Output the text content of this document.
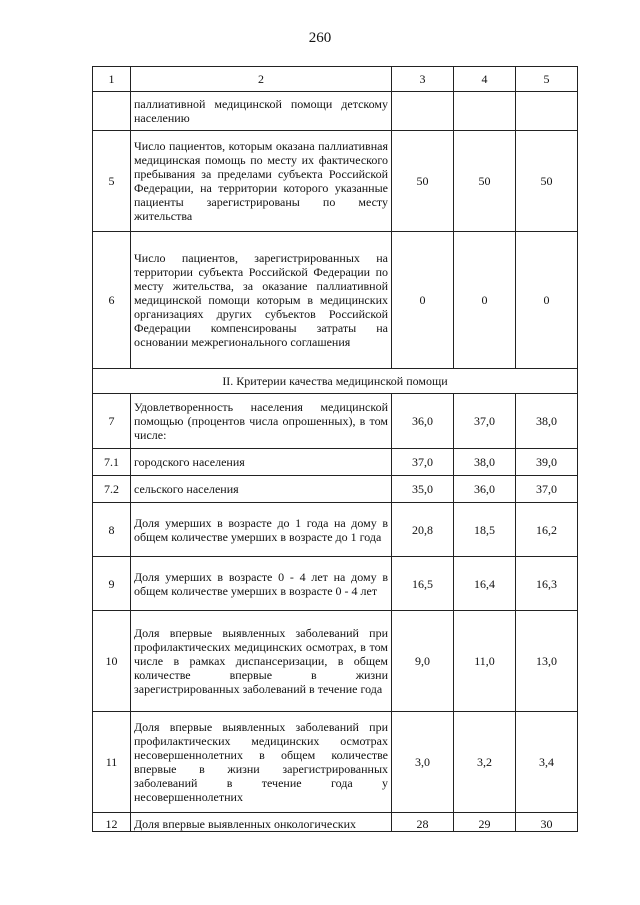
260
1	2	3	4	5
	паллиативной медицинской помощи детскому населению			
5	Число пациентов, которым оказана паллиативная медицинская помощь по месту их фактического пребывания за пределами субъекта Российской Федерации, на территории которого указанные пациенты зарегистрированы по месту жительства	50	50	50
6	Число пациентов, зарегистрированных на территории субъекта Российской Федерации по месту жительства, за оказание паллиативной медицинской помощи которым в медицинских организациях других субъектов Российской Федерации компенсированы затраты на основании межрегионального соглашения	0	0	0
II. Критерии качества медицинской помощи				
7	Удовлетворенность населения медицинской помощью (процентов числа опрошенных), в том числе:	36,0	37,0	38,0
7.1	городского населения	37,0	38,0	39,0
7.2	сельского населения	35,0	36,0	37,0
8	Доля умерших в возрасте до 1 года на дому в общем количестве умерших в возрасте до 1 года	20,8	18,5	16,2
9	Доля умерших в возрасте 0 - 4 лет на дому в общем количестве умерших в возрасте 0 - 4 лет	16,5	16,4	16,3
10	Доля впервые выявленных заболеваний при профилактических медицинских осмотрах, в том числе в рамках диспансеризации, в общем количестве впервые в жизни зарегистрированных заболеваний в течение года	9,0	11,0	13,0
11	Доля впервые выявленных заболеваний при профилактических медицинских осмотрах несовершеннолетних в общем количестве впервые в жизни зарегистрированных заболеваний в течение года у несовершеннолетних	3,0	3,2	3,4
12	Доля впервые выявленных онкологических	28	29	30
